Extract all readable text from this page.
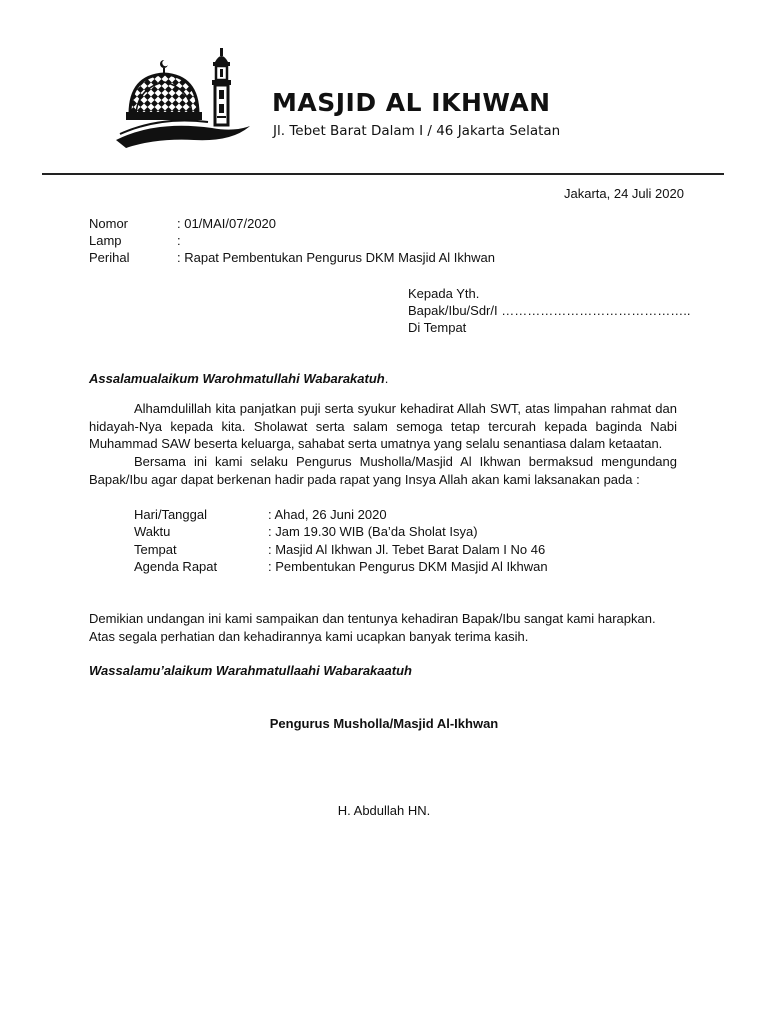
MASJID AL IKHWAN
Jl. Tebet Barat Dalam I / 46 Jakarta Selatan
Jakarta, 24 Juli 2020
Nomor	: 01/MAI/07/2020
Lamp	:
Perihal	: Rapat Pembentukan Pengurus DKM Masjid Al Ikhwan
Kepada Yth.
Bapak/Ibu/Sdr/I ……………………………………..
Di Tempat
Assalamualaikum Warohmatullahi Wabarakatuh.
Alhamdulillah kita panjatkan puji serta syukur kehadirat Allah SWT, atas limpahan rahmat dan hidayah-Nya kepada kita. Sholawat serta salam semoga tetap tercurah kepada baginda Nabi Muhammad SAW beserta keluarga, sahabat serta umatnya yang selalu senantiasa dalam ketaatan.
Bersama ini kami selaku Pengurus Musholla/Masjid Al Ikhwan bermaksud mengundang Bapak/Ibu agar dapat berkenan hadir pada rapat yang Insya Allah akan kami laksanakan pada :
Hari/Tanggal	: Ahad, 26 Juni 2020
Waktu	: Jam 19.30 WIB (Ba’da Sholat Isya)
Tempat	: Masjid Al Ikhwan Jl. Tebet Barat Dalam I No 46
Agenda Rapat	: Pembentukan Pengurus DKM Masjid Al Ikhwan
Demikian undangan ini kami sampaikan dan tentunya kehadiran Bapak/Ibu sangat kami harapkan.
Atas segala perhatian dan kehadirannya kami ucapkan banyak terima kasih.
Wassalamu’alaikum Warahmatullaahi Wabarakaatuh
Pengurus Musholla/Masjid Al-Ikhwan
H. Abdullah HN.
